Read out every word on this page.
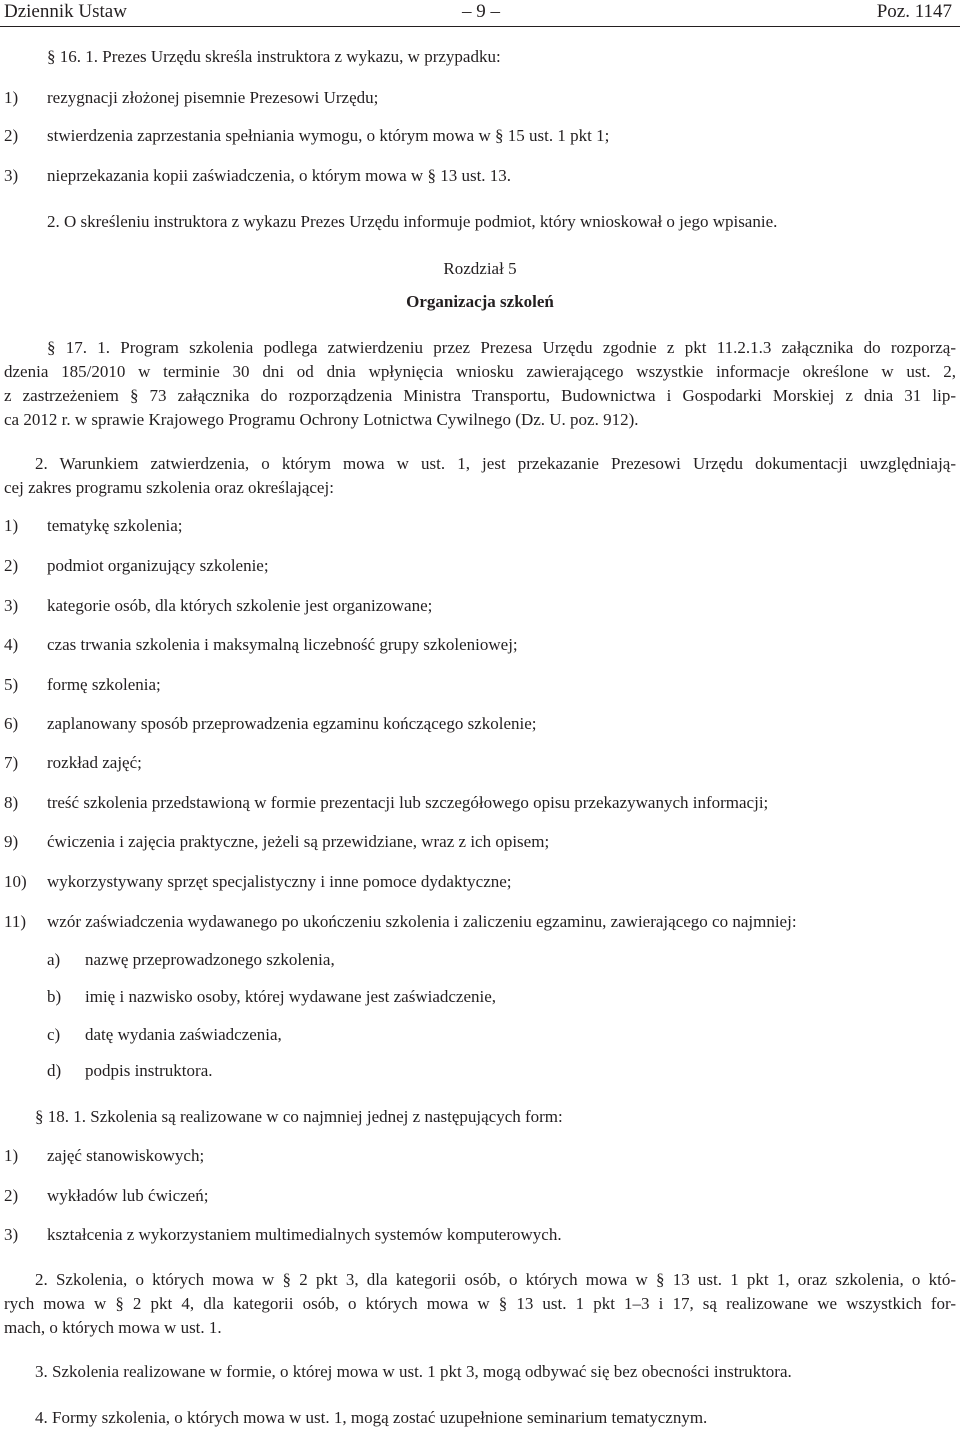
Dziennik Ustaw	– 9 –	Poz. 1147
§ 16. 1. Prezes Urzędu skreśla instruktora z wykazu, w przypadku:
1) rezygnacji złożonej pisemnie Prezesowi Urzędu;
2) stwierdzenia zaprzestania spełniania wymogu, o którym mowa w § 15 ust. 1 pkt 1;
3) nieprzekazania kopii zaświadczenia, o którym mowa w § 13 ust. 13.
2. O skreśleniu instruktora z wykazu Prezes Urzędu informuje podmiot, który wnioskował o jego wpisanie.
Rozdział 5
Organizacja szkoleń
§ 17. 1. Program szkolenia podlega zatwierdzeniu przez Prezesa Urzędu zgodnie z pkt 11.2.1.3 załącznika do rozporzą-
dzenia 185/2010 w terminie 30 dni od dnia wpłynięcia wniosku zawierającego wszystkie informacje określone w ust. 2,
z zastrzeżeniem § 73 załącznika do rozporządzenia Ministra Transportu, Budownictwa i Gospodarki Morskiej z dnia 31 lip-
ca 2012 r. w sprawie Krajowego Programu Ochrony Lotnictwa Cywilnego (Dz. U. poz. 912).
2. Warunkiem zatwierdzenia, o którym mowa w ust. 1, jest przekazanie Prezesowi Urzędu dokumentacji uwzględniają-
cej zakres programu szkolenia oraz określającej:
1) tematykę szkolenia;
2) podmiot organizujący szkolenie;
3) kategorie osób, dla których szkolenie jest organizowane;
4) czas trwania szkolenia i maksymalną liczebność grupy szkoleniowej;
5) formę szkolenia;
6) zaplanowany sposób przeprowadzenia egzaminu kończącego szkolenie;
7) rozkład zajęć;
8) treść szkolenia przedstawioną w formie prezentacji lub szczegółowego opisu przekazywanych informacji;
9) ćwiczenia i zajęcia praktyczne, jeżeli są przewidziane, wraz z ich opisem;
10) wykorzystywany sprzęt specjalistyczny i inne pomoce dydaktyczne;
11) wzór zaświadczenia wydawanego po ukończeniu szkolenia i zaliczeniu egzaminu, zawierającego co najmniej:
a) nazwę przeprowadzonego szkolenia,
b) imię i nazwisko osoby, której wydawane jest zaświadczenie,
c) datę wydania zaświadczenia,
d) podpis instruktora.
§ 18. 1. Szkolenia są realizowane w co najmniej jednej z następujących form:
1) zajęć stanowiskowych;
2) wykładów lub ćwiczeń;
3) kształcenia z wykorzystaniem multimedialnych systemów komputerowych.
2. Szkolenia, o których mowa w § 2 pkt 3, dla kategorii osób, o których mowa w § 13 ust. 1 pkt 1, oraz szkolenia, o któ-
rych mowa w § 2 pkt 4, dla kategorii osób, o których mowa w § 13 ust. 1 pkt 1–3 i 17, są realizowane we wszystkich for-
mach, o których mowa w ust. 1.
3. Szkolenia realizowane w formie, o której mowa w ust. 1 pkt 3, mogą odbywać się bez obecności instruktora.
4. Formy szkolenia, o których mowa w ust. 1, mogą zostać uzupełnione seminarium tematycznym.
